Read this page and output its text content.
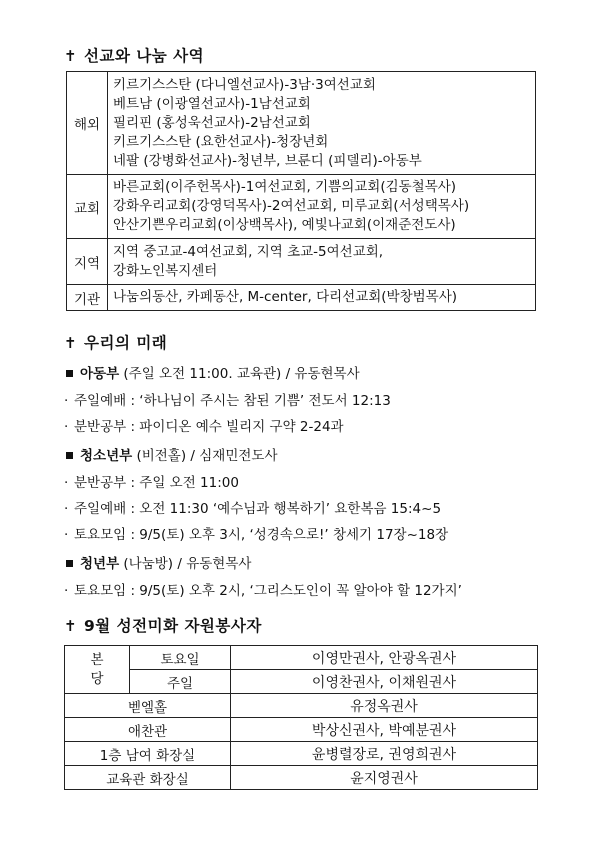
✝ 선교와 나눔 사역
해외	키르기스스탄 (다니엘선교사)-3남·3여선교회
베트남 (이광열선교사)-1남선교회
필리핀 (홍성욱선교사)-2남선교회
키르기스스탄 (요한선교사)-청장년회
네팔 (강병화선교사)-청년부, 브룬디 (피델리)-아동부

교회	바른교회(이주헌목사)-1여선교회, 기쁨의교회(김동철목사)
강화우리교회(강영덕목사)-2여선교회, 미루교회(서성택목사)
안산기쁜우리교회(이상백목사), 예빛나교회(이재준전도사)

지역	지역 중고교-4여선교회, 지역 초교-5여선교회,
강화노인복지센터

기관	나눔의동산, 카페동산, M-center, 다리선교회(박창범목사)
✝ 우리의 미래
아동부 (주일 오전 11:00. 교육관) / 유동현목사
· 주일예배 : ‘하나님이 주시는 참된 기쁨’ 전도서 12:13
· 분반공부 : 파이디온 예수 빌리지 구약 2-24과
청소년부 (비전홀) / 심재민전도사
· 분반공부 : 주일 오전 11:00
· 주일예배 : 오전 11:30 ‘예수님과 행복하기’ 요한복음 15:4~5
· 토요모임 : 9/5(토) 오후 3시, ‘성경속으로!’ 창세기 17장~18장
청년부 (나눔방) / 유동현목사
· 토요모임 : 9/5(토) 오후 2시, ‘그리스도인이 꼭 알아야 할 12가지’
✝ 9월 성전미화 자원봉사자
본
당	토요일	이영만권사, 안광옥권사
	주일	이영찬권사, 이채원권사
벧엘홀		유정옥권사
애찬관		박상신권사, 박예분권사
1층 남여 화장실		윤병렬장로, 권영희권사
교육관 화장실		윤지영권사
